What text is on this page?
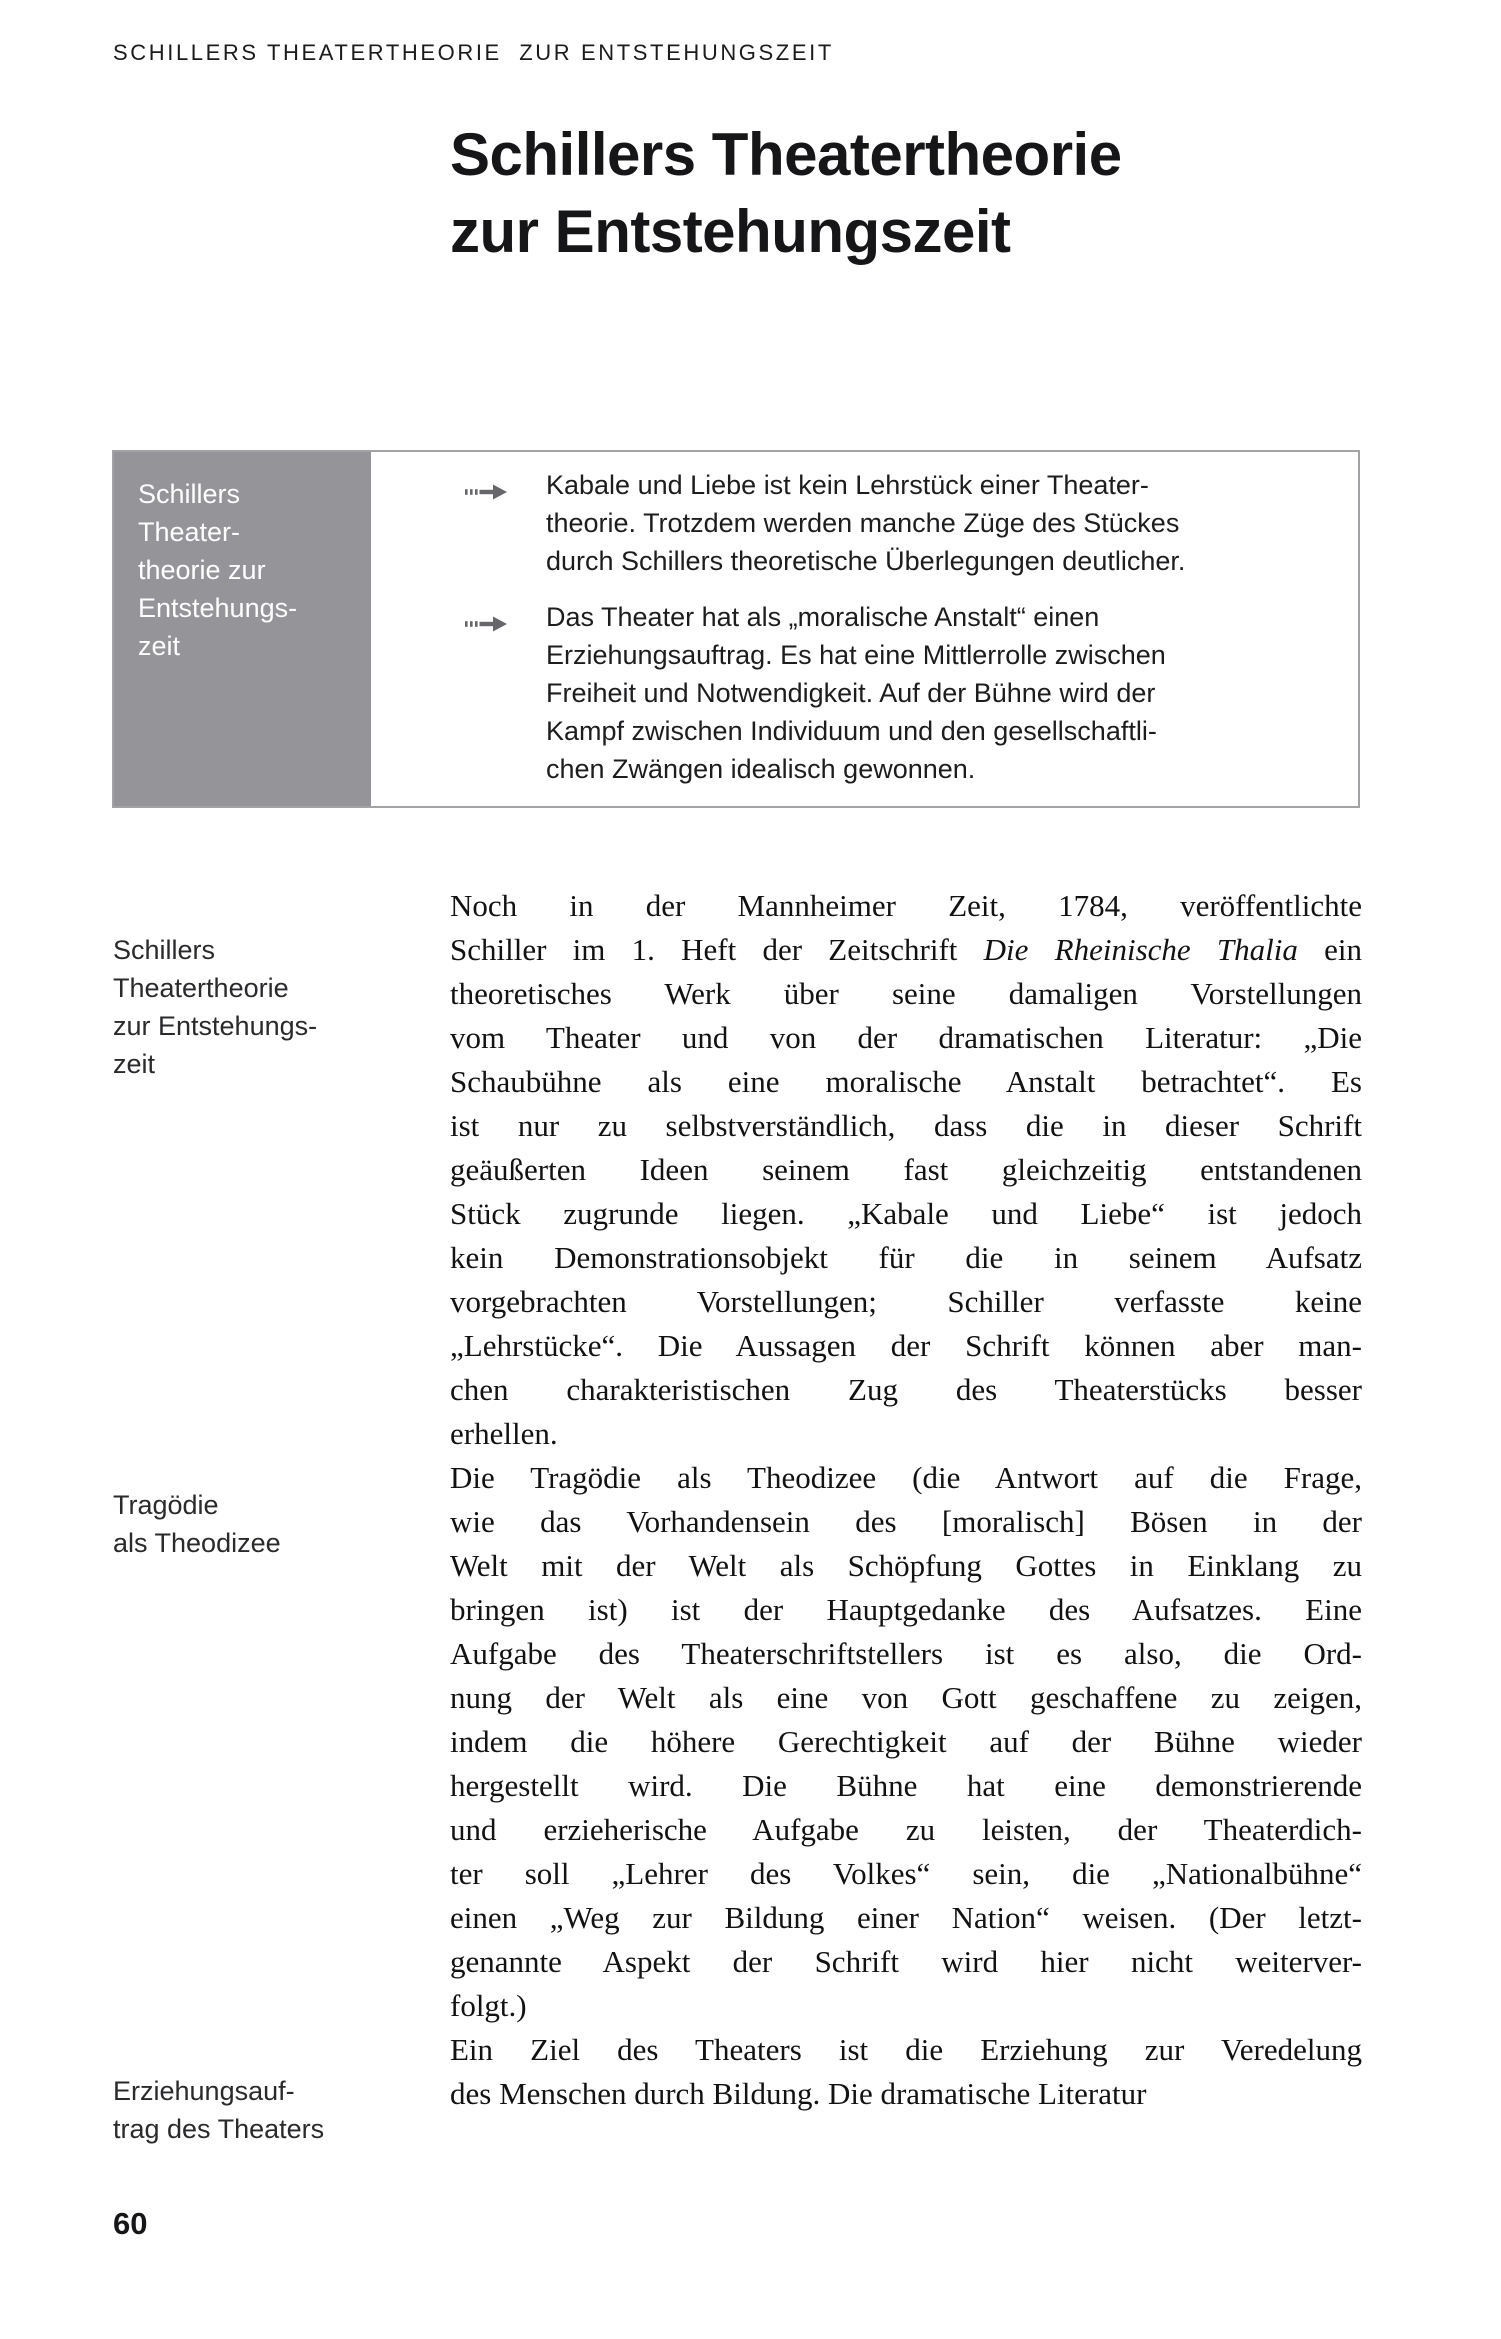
SCHILLERS THEATERTHEORIE  ZUR ENTSTEHUNGSZEIT
Schillers Theatertheorie
zur Entstehungszeit
Schillers
Theater-
theorie zur
Entstehungs-
zeit
Kabale und Liebe ist kein Lehrstück einer Theater-
theorie. Trotzdem werden manche Züge des Stückes
durch Schillers theoretische Überlegungen deutlicher.
Das Theater hat als „moralische Anstalt“ einen
Erziehungsauftrag. Es hat eine Mittlerrolle zwischen
Freiheit und Notwendigkeit. Auf der Bühne wird der
Kampf zwischen Individuum und den gesellschaftli-
chen Zwängen idealisch gewonnen.
Schillers
Theatertheorie
zur Entstehungs-
zeit
Tragödie
als Theodizee
Erziehungsauf-
trag des Theaters
Noch in der Mannheimer Zeit, 1784, veröffentlichte
Schiller im 1. Heft der Zeitschrift Die Rheinische Thalia ein
theoretisches Werk über seine damaligen Vorstellungen
vom Theater und von der dramatischen Literatur: „Die
Schaubühne als eine moralische Anstalt betrachtet“. Es
ist nur zu selbstverständlich, dass die in dieser Schrift
geäußerten Ideen seinem fast gleichzeitig entstandenen
Stück zugrunde liegen. „Kabale und Liebe“ ist jedoch
kein Demonstrationsobjekt für die in seinem Aufsatz
vorgebrachten Vorstellungen; Schiller verfasste keine
„Lehrstücke“. Die Aussagen der Schrift können aber man-
chen charakteristischen Zug des Theaterstücks besser
erhellen.
Die Tragödie als Theodizee (die Antwort auf die Frage,
wie das Vorhandensein des [moralisch] Bösen in der
Welt mit der Welt als Schöpfung Gottes in Einklang zu
bringen ist) ist der Hauptgedanke des Aufsatzes. Eine
Aufgabe des Theaterschriftstellers ist es also, die Ord-
nung der Welt als eine von Gott geschaffene zu zeigen,
indem die höhere Gerechtigkeit auf der Bühne wieder
hergestellt wird. Die Bühne hat eine demonstrierende
und erzieherische Aufgabe zu leisten, der Theaterdich-
ter soll „Lehrer des Volkes“ sein, die „Nationalbühne“
einen „Weg zur Bildung einer Nation“ weisen. (Der letzt-
genannte Aspekt der Schrift wird hier nicht weiterver-
folgt.)
Ein Ziel des Theaters ist die Erziehung zur Veredelung
des Menschen durch Bildung. Die dramatische Literatur
60
